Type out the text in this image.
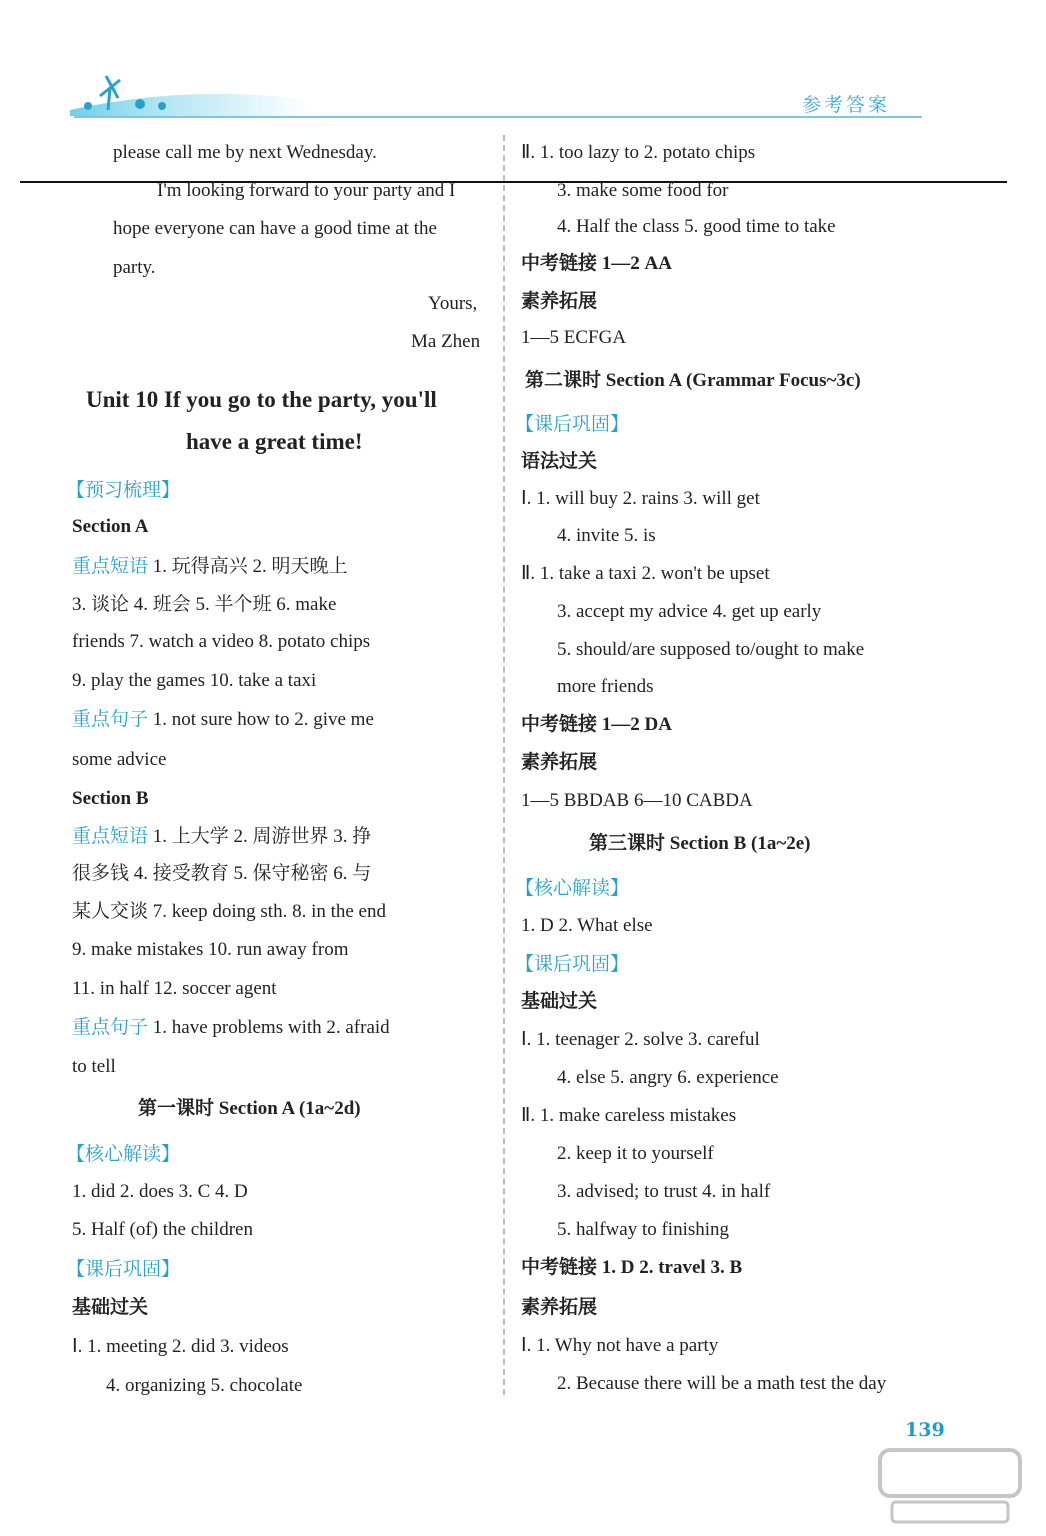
参考答案
please call me by next Wednesday.
I'm looking forward to your party and I
hope everyone can have a good time at the
party.
Yours,
Ma Zhen
Unit 10 If you go to the party, you'll
have a great time!
【预习梳理】
Section A
重点短语 1. 玩得高兴 2. 明天晚上
3. 谈论 4. 班会 5. 半个班 6. make
friends 7. watch a video 8. potato chips
9. play the games 10. take a taxi
重点句子 1. not sure how to 2. give me
some advice
Section B
重点短语 1. 上大学 2. 周游世界 3. 挣
很多钱 4. 接受教育 5. 保守秘密 6. 与
某人交谈 7. keep doing sth. 8. in the end
9. make mistakes 10. run away from
11. in half 12. soccer agent
重点句子 1. have problems with 2. afraid
to tell
第一课时 Section A (1a~2d)
【核心解读】
1. did 2. does 3. C 4. D
5. Half (of) the children
【课后巩固】
基础过关
Ⅰ. 1. meeting 2. did 3. videos
4. organizing 5. chocolate
Ⅱ. 1. too lazy to 2. potato chips
3. make some food for
4. Half the class 5. good time to take
中考链接 1—2 AA
素养拓展
1—5 ECFGA
第二课时 Section A (Grammar Focus~3c)
【课后巩固】
语法过关
Ⅰ. 1. will buy 2. rains 3. will get
4. invite 5. is
Ⅱ. 1. take a taxi 2. won't be upset
3. accept my advice 4. get up early
5. should/are supposed to/ought to make
more friends
中考链接 1—2 DA
素养拓展
1—5 BBDAB 6—10 CABDA
第三课时 Section B (1a~2e)
【核心解读】
1. D 2. What else
【课后巩固】
基础过关
Ⅰ. 1. teenager 2. solve 3. careful
4. else 5. angry 6. experience
Ⅱ. 1. make careless mistakes
2. keep it to yourself
3. advised; to trust 4. in half
5. halfway to finishing
中考链接 1. D 2. travel 3. B
素养拓展
Ⅰ. 1. Why not have a party
2. Because there will be a math test the day
139
